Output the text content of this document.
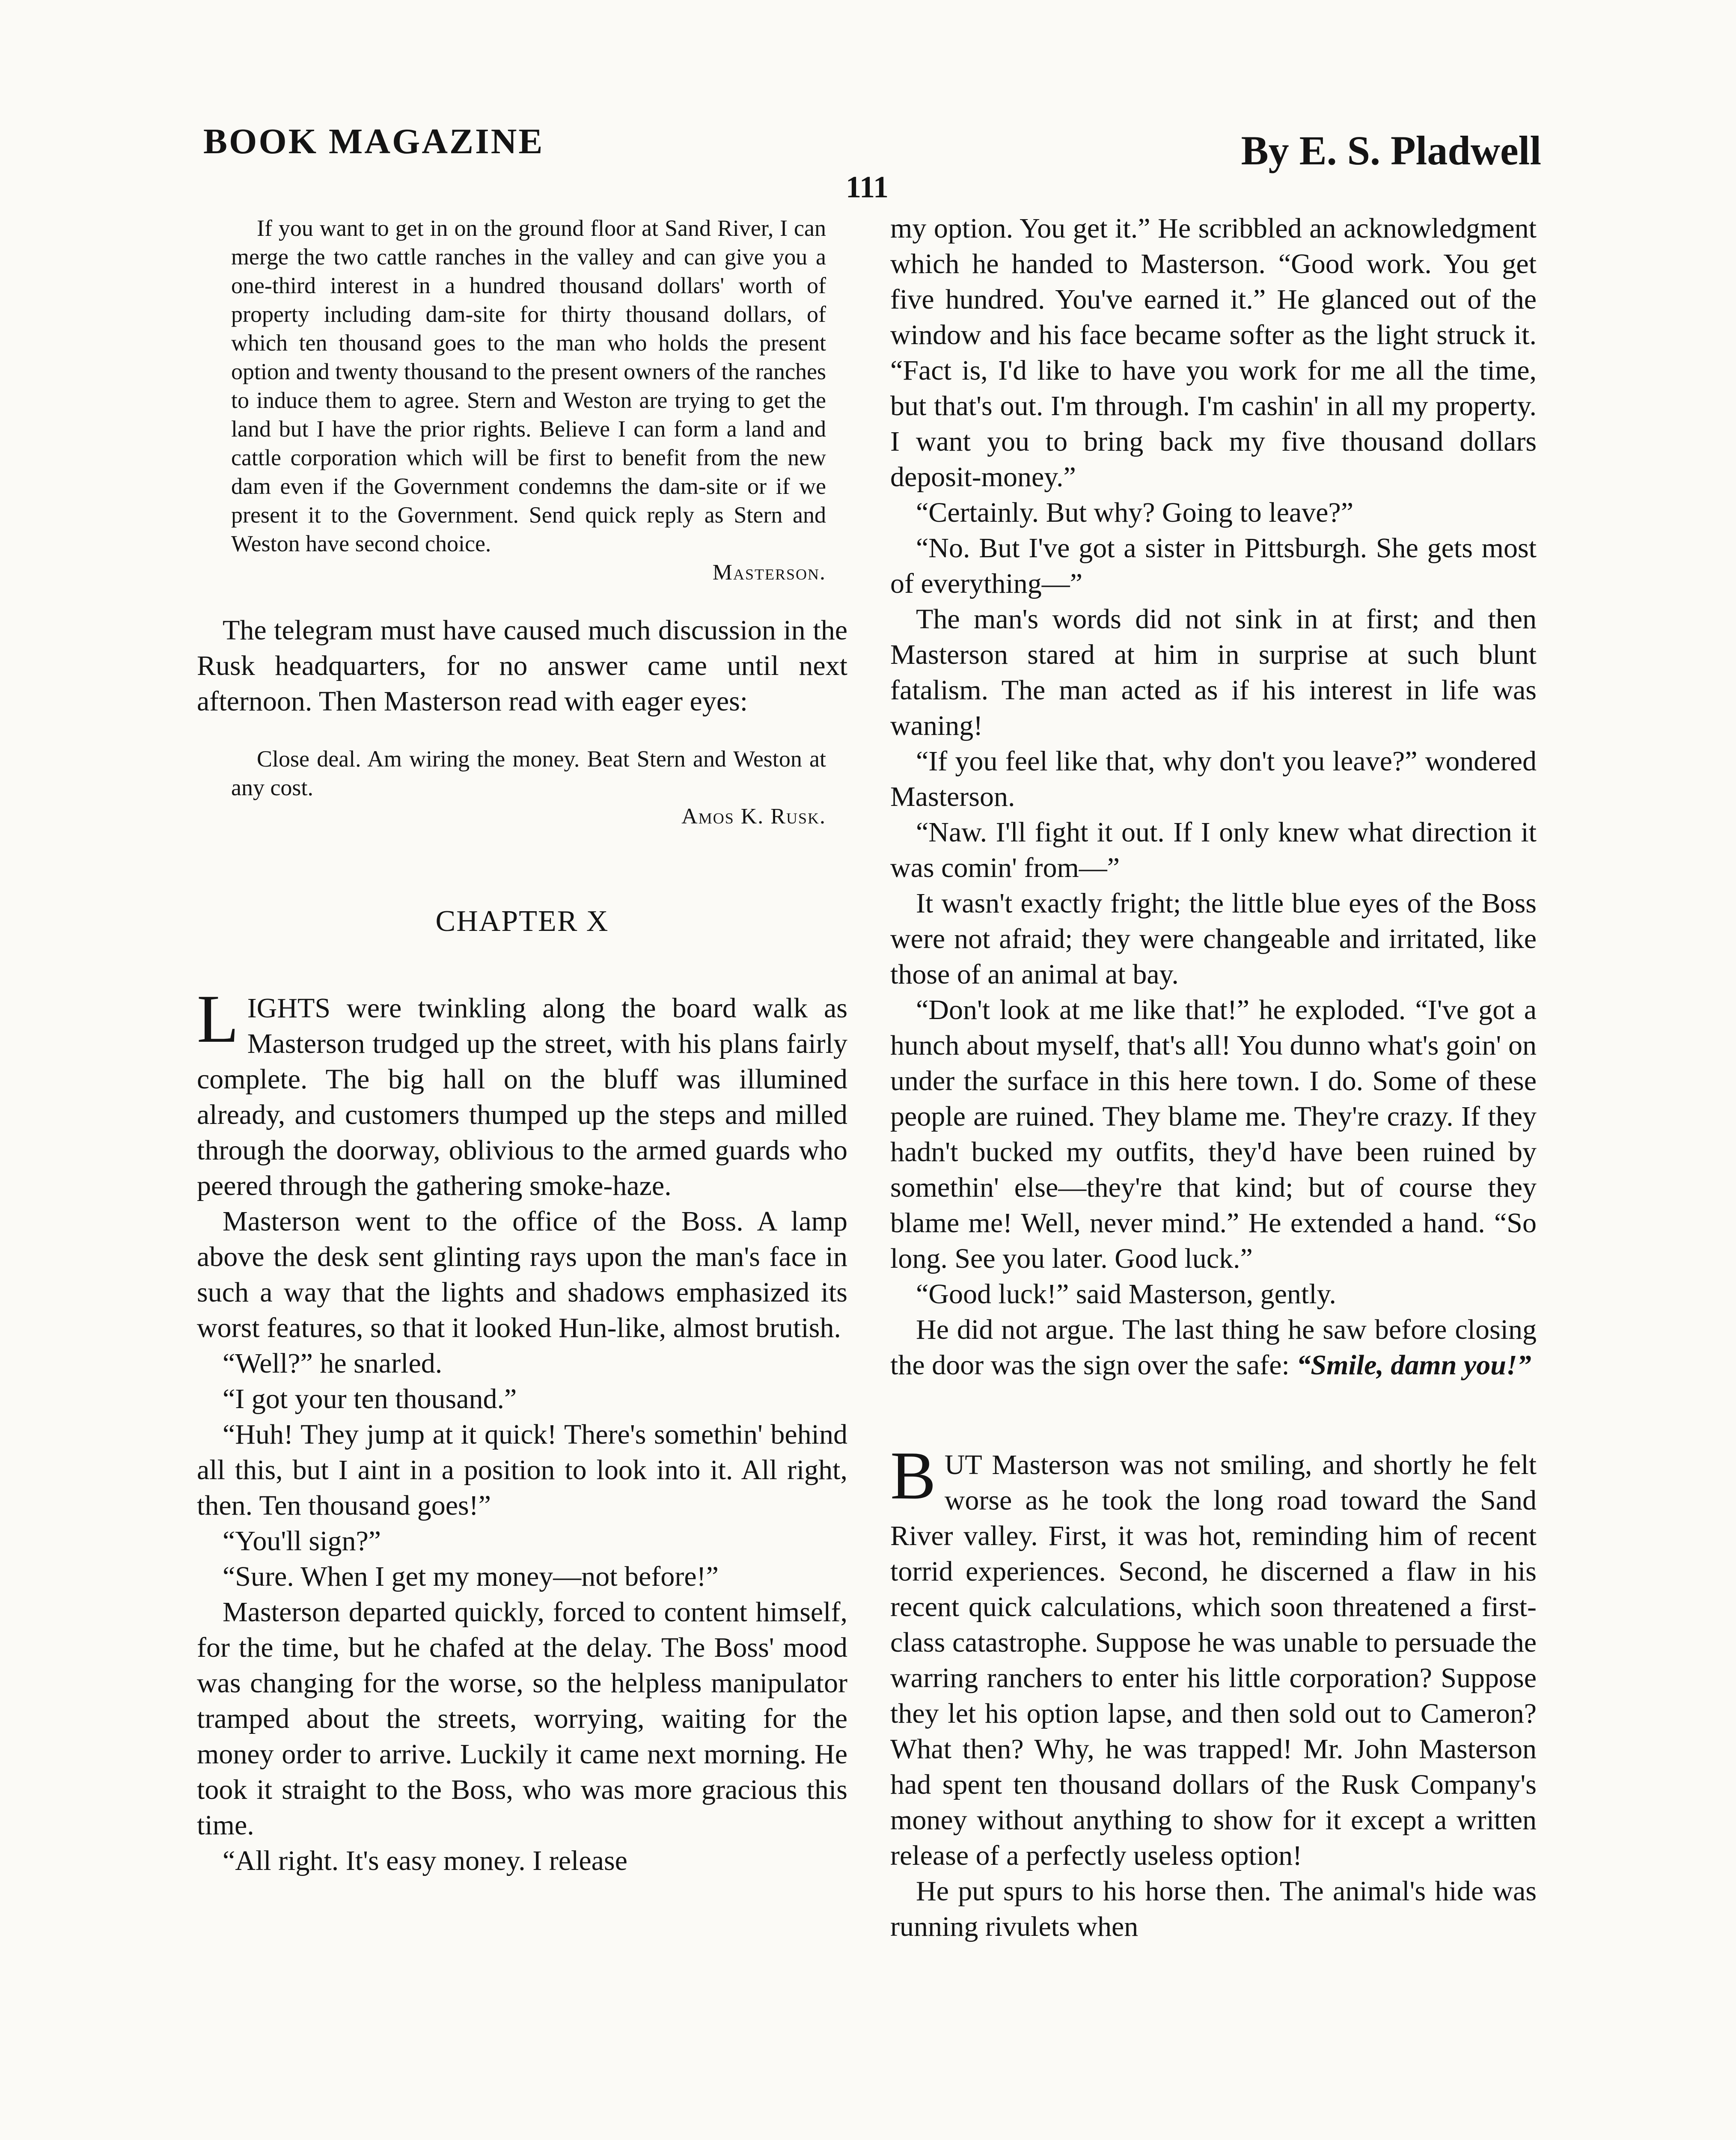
BOOK MAGAZINE	By E. S. Pladwell
111

If you want to get in on the ground floor at Sand River, I can merge the two cattle ranches in the valley and can give you a one-third interest in a hundred thousand dollars' worth of property including dam-site for thirty thousand dollars, of which ten thousand goes to the man who holds the present option and twenty thousand to the present owners of the ranches to induce them to agree. Stern and Weston are trying to get the land but I have the prior rights. Believe I can form a land and cattle corporation which will be first to benefit from the new dam even if the Government condemns the dam-site or if we present it to the Government. Send quick reply as Stern and Weston have second choice.

Masterson.

The telegram must have caused much discussion in the Rusk headquarters, for no answer came until next afternoon. Then Masterson read with eager eyes:

Close deal. Am wiring the money. Beat Stern and Weston at any cost.

Amos K. Rusk.
CHAPTER X

LIGHTS were twinkling along the board walk as Masterson trudged up the street, with his plans fairly complete. The big hall on the bluff was illumined already, and customers thumped up the steps and milled through the doorway, oblivious to the armed guards who peered through the gathering smoke-haze.

Masterson went to the office of the Boss. A lamp above the desk sent glinting rays upon the man's face in such a way that the lights and shadows emphasized its worst features, so that it looked Hun-like, almost brutish.

“Well?” he snarled.

“I got your ten thousand.”

“Huh! They jump at it quick! There's somethin' behind all this, but I aint in a position to look into it. All right, then. Ten thousand goes!”

“You'll sign?”

“Sure. When I get my money—not before!”

Masterson departed quickly, forced to content himself, for the time, but he chafed at the delay. The Boss' mood was changing for the worse, so the helpless manipulator tramped about the streets, worrying, waiting for the money order to arrive. Luckily it came next morning. He took it straight to the Boss, who was more gracious this time.

“All right. It's easy money. I release

my option. You get it.” He scribbled an acknowledgment which he handed to Masterson. “Good work. You get five hundred. You've earned it.” He glanced out of the window and his face became softer as the light struck it. “Fact is, I'd like to have you work for me all the time, but that's out. I'm through. I'm cashin' in all my property. I want you to bring back my five thousand dollars deposit-money.”

“Certainly. But why? Going to leave?”

“No. But I've got a sister in Pittsburgh. She gets most of everything—”

The man's words did not sink in at first; and then Masterson stared at him in surprise at such blunt fatalism. The man acted as if his interest in life was waning!

“If you feel like that, why don't you leave?” wondered Masterson.

“Naw. I'll fight it out. If I only knew what direction it was comin' from—”

It wasn't exactly fright; the little blue eyes of the Boss were not afraid; they were changeable and irritated, like those of an animal at bay.

“Don't look at me like that!” he exploded. “I've got a hunch about myself, that's all! You dunno what's goin' on under the surface in this here town. I do. Some of these people are ruined. They blame me. They're crazy. If they hadn't bucked my outfits, they'd have been ruined by somethin' else—they're that kind; but of course they blame me! Well, never mind.” He extended a hand. “So long. See you later. Good luck.”

“Good luck!” said Masterson, gently.

He did not argue. The last thing he saw before closing the door was the sign over the safe: “Smile, damn you!”

BUT Masterson was not smiling, and shortly he felt worse as he took the long road toward the Sand River valley. First, it was hot, reminding him of recent torrid experiences. Second, he discerned a flaw in his recent quick calculations, which soon threatened a first-class catastrophe. Suppose he was unable to persuade the warring ranchers to enter his little corporation? Suppose they let his option lapse, and then sold out to Cameron? What then? Why, he was trapped! Mr. John Masterson had spent ten thousand dollars of the Rusk Company's money without anything to show for it except a written release of a perfectly useless option!

He put spurs to his horse then. The animal's hide was running rivulets when
